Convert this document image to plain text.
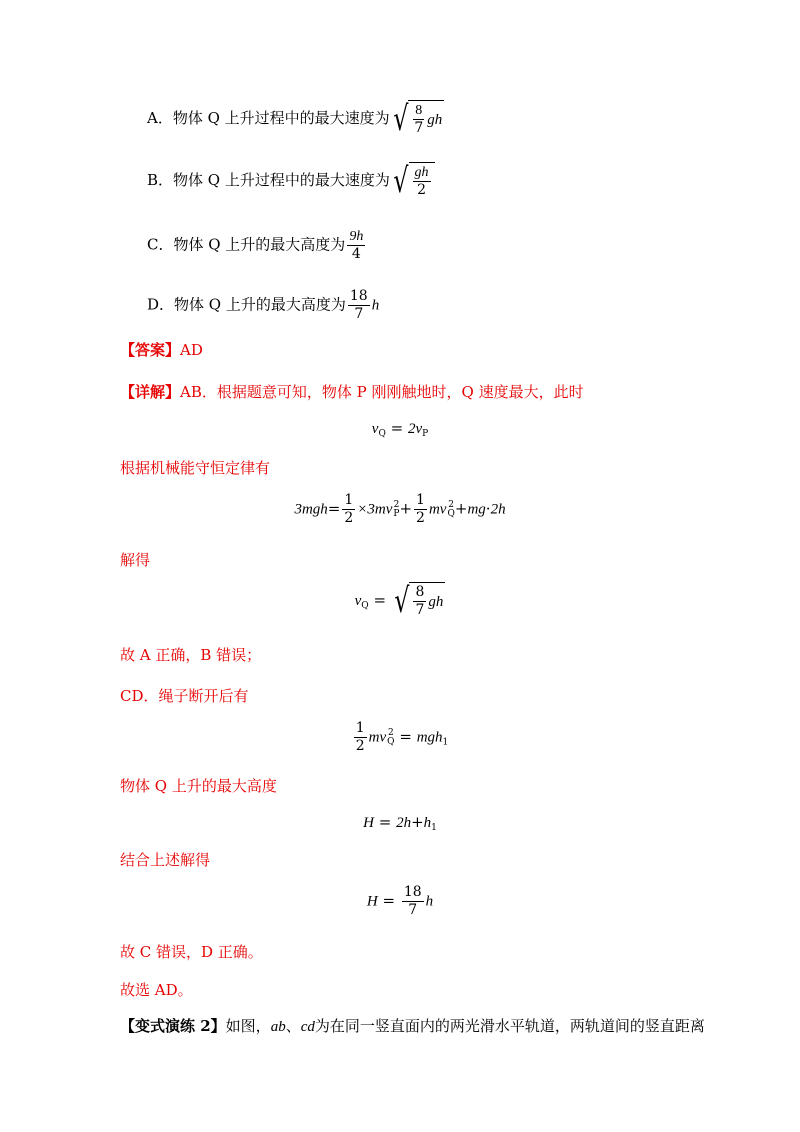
A．物体 Q 上升过程中的最大速度为 √ $\frac{8}{7}$ gh
B．物体 Q 上升过程中的最大速度为 √ $\frac{gh}{2}$
C．物体 Q 上升的最大高度为 $\frac{9h}{4}$
D．物体 Q 上升的最大高度为 $\frac{18}{7}$ h
【答案】AD
【详解】AB．根据题意可知，物体 P 刚刚触地时，Q 速度最大，此时
$v_Q = 2v_P$
根据机械能守恒定律有
$3mgh= \frac{1}{2} \times 3mv$ 2
$P + \frac{1}{2}$ mv 2
Q +mg·2h
解得
$v_Q$ = √ $\frac{8}{7}$ gh
故 A 正确，B 错误；
CD．绳子断开后有
$\frac{1}{2}$ mv 2
Q = mgh$_1$
物体 Q 上升的最大高度
$H = 2h+h_1$
结合上述解得
$H = \frac{18}{7}$ h
故 C 错误，D 正确。
故选 AD。
【变式演练 2】如图，ab、cd为在同一竖直面内的两光滑水平轨道，两轨道间的竖直距离
